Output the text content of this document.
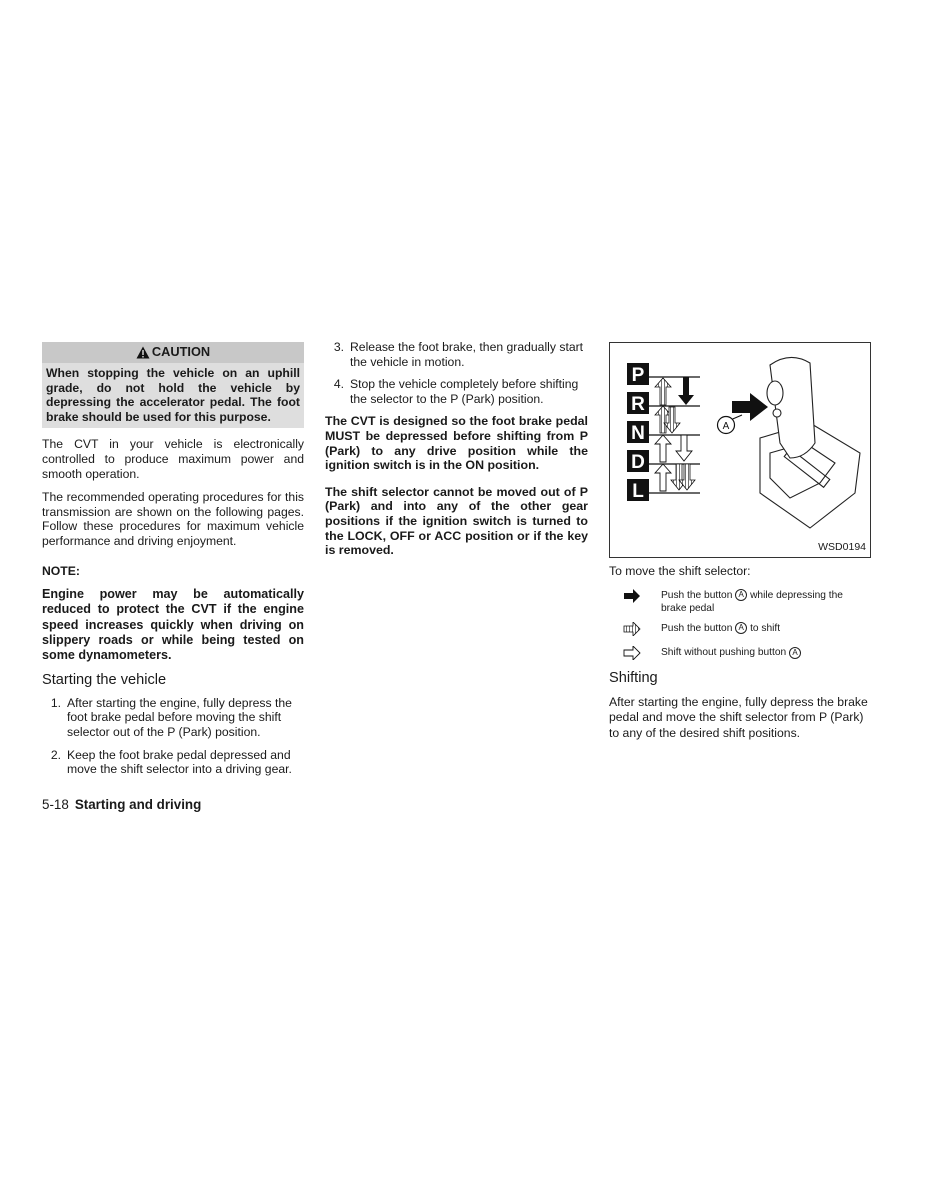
CAUTION
When stopping the vehicle on an uphill grade, do not hold the vehicle by depressing the accelerator pedal. The foot brake should be used for this purpose.

The CVT in your vehicle is electronically controlled to produce maximum power and smooth operation.

The recommended operating procedures for this transmission are shown on the following pages. Follow these procedures for maximum vehicle performance and driving enjoyment.

NOTE:

Engine power may be automatically reduced to protect the CVT if the engine speed increases quickly when driving on slippery roads or while being tested on some dynamometers.

Starting the vehicle

1. After starting the engine, fully depress the foot brake pedal before moving the shift selector out of the P (Park) position.
2. Keep the foot brake pedal depressed and move the shift selector into a driving gear.
3. Release the foot brake, then gradually start the vehicle in motion.
4. Stop the vehicle completely before shifting the selector to the P (Park) position.

The CVT is designed so the foot brake pedal MUST be depressed before shifting from P (Park) to any drive position while the ignition switch is in the ON position.

The shift selector cannot be moved out of P (Park) and into any of the other gear positions if the ignition switch is turned to the LOCK, OFF or ACC position or if the key is removed.

P
R
N
D
L
A
WSD0194

To move the shift selector:

Push the button A while depressing the brake pedal
Push the button A to shift
Shift without pushing button A

Shifting

After starting the engine, fully depress the brake pedal and move the shift selector from P (Park) to any of the desired shift positions.

5-18 Starting and driving
